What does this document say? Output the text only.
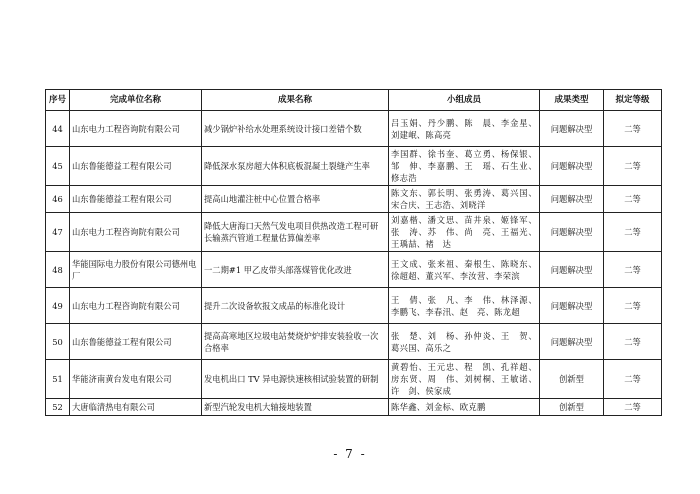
序号	完成单位名称	成果名称	小组成员	成果类型	拟定等级
44	山东电力工程咨询院有限公司	减少锅炉补给水处理系统设计接口差错个数	吕玉娟、丹少鹏、陈　晨、李金星、刘建岷、陈高亮	问题解决型	二等
45	山东鲁能德益工程有限公司	降低深水泵房超大体积底板混凝土裂缝产生率	李国群、徐书奎、葛立勇、杨保银、邹　伸、李嘉鹏、王　瑶、石生业、修志浩	问题解决型	二等
46	山东鲁能德益工程有限公司	提高山地灌注桩中心位置合格率	陈文东、郭长明、张勇涛、葛兴国、宋合庆、王志浩、刘晓洋	问题解决型	二等
47	山东电力工程咨询院有限公司	降低大唐海口天然气发电项目供热改造工程可研长输蒸汽管道工程量估算偏差率	刘嘉楷、潘文思、苗井泉、姬锋军、张　涛、苏　伟、尚　亮、王福光、王瑀喆、褚　达	问题解决型	二等
48	华能国际电力股份有限公司德州电厂	一二期#1 甲乙皮带头部落煤管优化改进	王文成、张来祖、秦根生、陈晓东、徐超超、董兴军、李汝营、李荣滨	问题解决型	二等
49	山东电力工程咨询院有限公司	提升二次设备软报文成品的标准化设计	王　倩、张　凡、李　伟、林泽源、李鹏飞、李春汛、赵　亮、陈龙超	问题解决型	二等
50	山东鲁能德益工程有限公司	提高高寒地区垃圾电站焚烧炉炉排安装验收一次合格率	张　楚、刘　杨、孙仲炎、王　贺、葛兴国、高乐之	问题解决型	二等
51	华能济南黄台发电有限公司	发电机出口 TV 异电源快速核相试验装置的研制	黄碧怡、王元忠、程　凯、孔祥超、房东贤、周　伟、刘树桐、王敏诺、许　剑、侯家成	创新型	二等
52	大唐临清热电有限公司	新型汽轮发电机大轴接地装置	陈华鑫、刘金标、欧克鹏	创新型	二等
- 7 -
